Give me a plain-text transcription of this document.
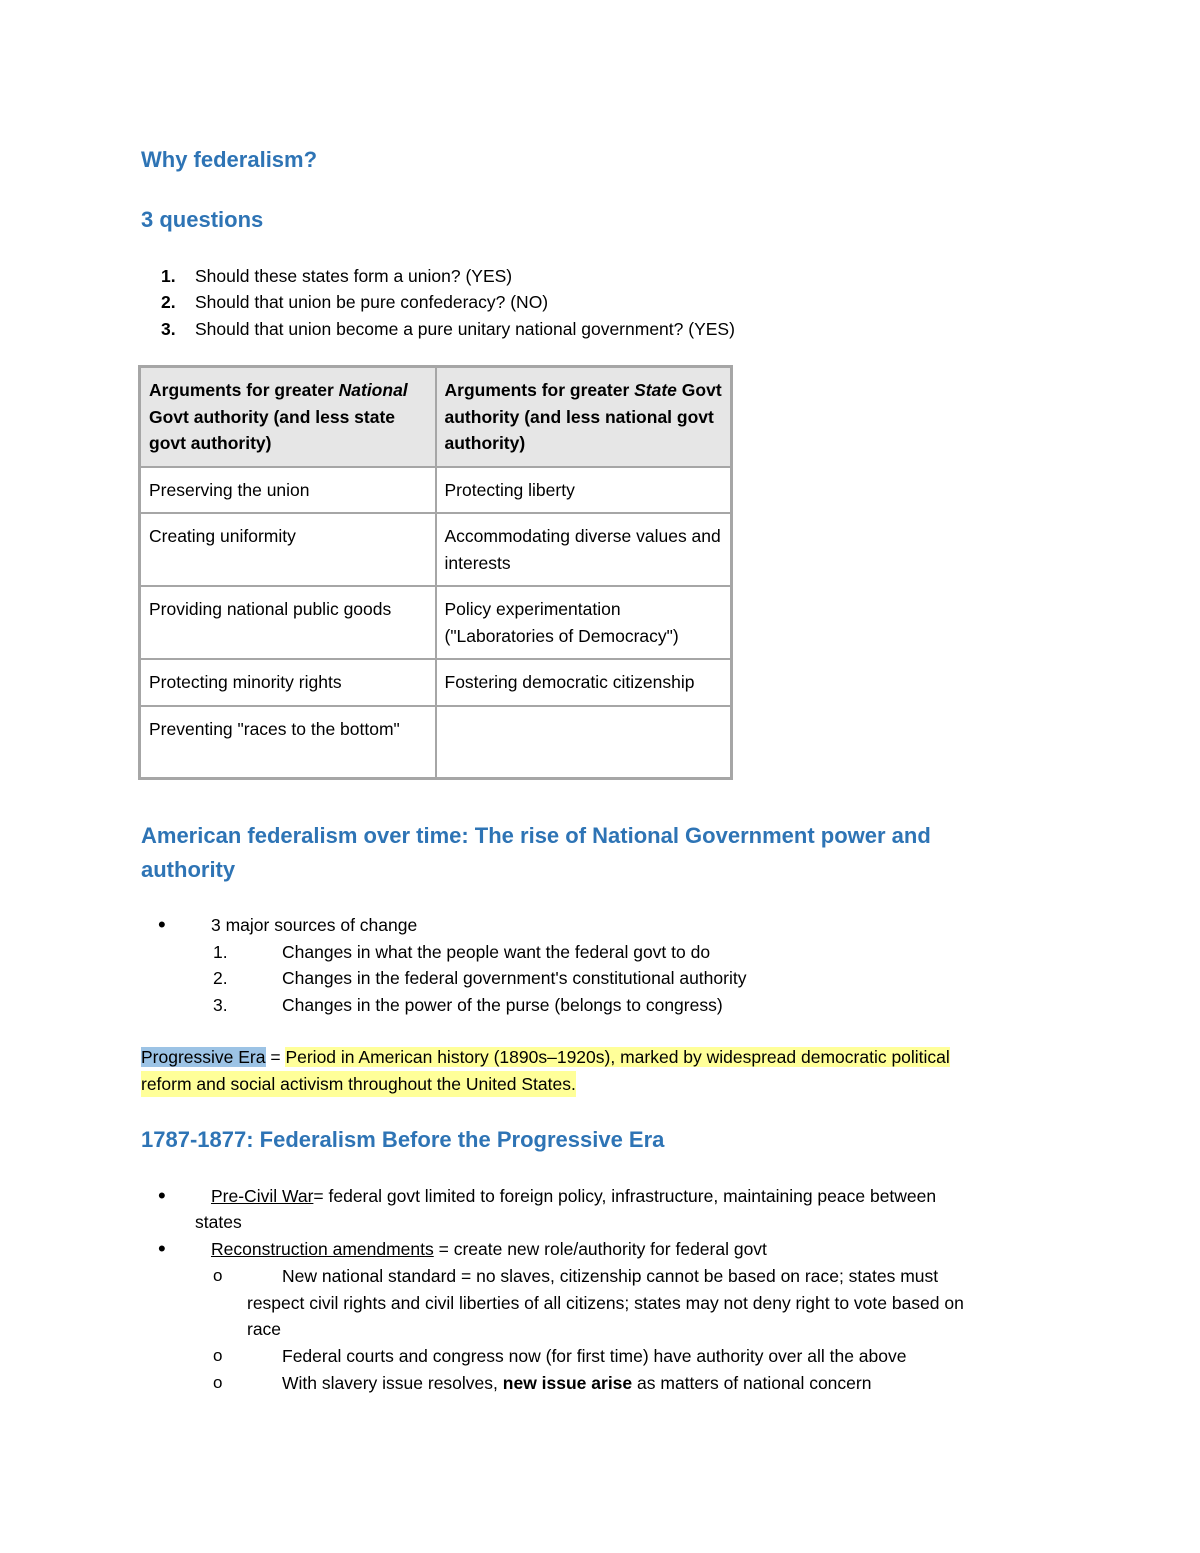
Why federalism?
3 questions
1. Should these states form a union? (YES)
2. Should that union be pure confederacy? (NO)
3. Should that union become a pure unitary national government? (YES)
Arguments for greater National Govt authority (and less state govt authority)	Arguments for greater State Govt authority (and less national govt authority)
Preserving the union	Protecting liberty
Creating uniformity	Accommodating diverse values and interests
Providing national public goods	Policy experimentation ("Laboratories of Democracy")
Protecting minority rights	Fostering democratic citizenship
Preventing "races to the bottom"	
American federalism over time: The rise of National Government power and
authority
•	3 major sources of change
1.	Changes in what the people want the federal govt to do
2.	Changes in the federal government's constitutional authority
3.	Changes in the power of the purse (belongs to congress)
Progressive Era = Period in American history (1890s–1920s), marked by widespread democratic political
reform and social activism throughout the United States.
1787-1877: Federalism Before the Progressive Era
•	Pre-Civil War= federal govt limited to foreign policy, infrastructure, maintaining peace between
states
•	Reconstruction amendments = create new role/authority for federal govt
o	New national standard = no slaves, citizenship cannot be based on race; states must
respect civil rights and civil liberties of all citizens; states may not deny right to vote based on
race
o	Federal courts and congress now (for first time) have authority over all the above
o	With slavery issue resolves, new issue arise as matters of national concern
